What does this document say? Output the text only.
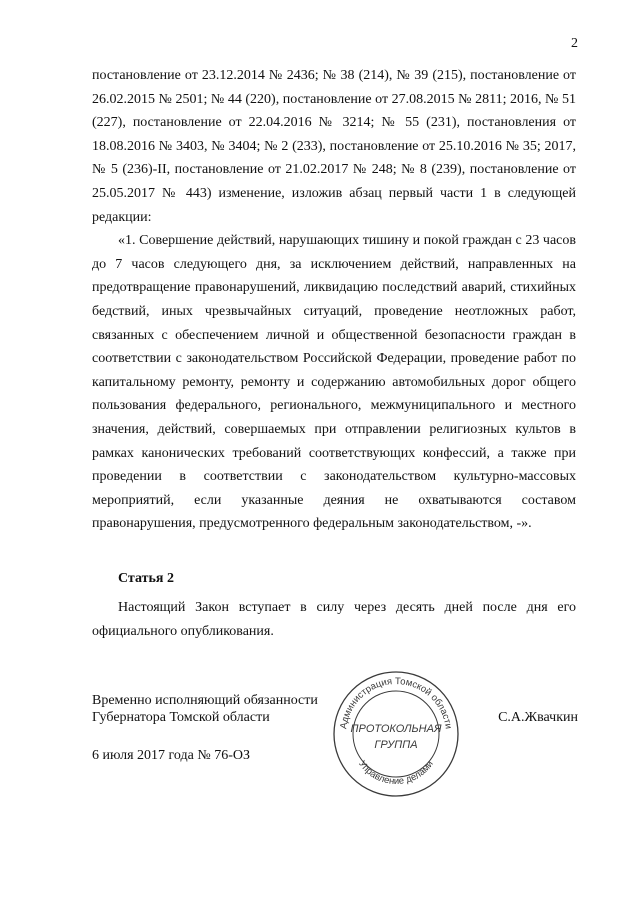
2

постановление от 23.12.2014 № 2436; № 38 (214), № 39 (215), постановление от 26.02.2015 № 2501; № 44 (220), постановление от 27.08.2015 № 2811; 2016, № 51 (227), постановление от 22.04.2016 № 3214; № 55 (231), постановления от 18.08.2016 № 3403, № 3404; № 2 (233), постановление от 25.10.2016 № 35; 2017, № 5 (236)-II, постановление от 21.02.2017 № 248; № 8 (239), постановление от 25.05.2017 № 443) изменение, изложив абзац первый части 1 в следующей редакции:

«1. Совершение действий, нарушающих тишину и покой граждан с 23 часов до 7 часов следующего дня, за исключением действий, направленных на предотвращение правонарушений, ликвидацию последствий аварий, стихийных бедствий, иных чрезвычайных ситуаций, проведение неотложных работ, связанных с обеспечением личной и общественной безопасности граждан в соответствии с законодательством Российской Федерации, проведение работ по капитальному ремонту, ремонту и содержанию автомобильных дорог общего пользования федерального, регионального, межмуниципального и местного значения, действий, совершаемых при отправлении религиозных культов в рамках канонических требований соответствующих конфессий, а также при проведении в соответствии с законодательством культурно-массовых мероприятий, если указанные деяния не охватываются составом правонарушения, предусмотренного федеральным законодательством, -».

Статья 2
Настоящий Закон вступает в силу через десять дней после дня его официального опубликования.
Временно исполняющий обязанности
Губернатора Томской области	С.А.Жвачкин
6 июля 2017 года № 76-ОЗ
Администрация Томской области
Управление делами
ПРОТОКОЛЬНАЯ
ГРУППА
